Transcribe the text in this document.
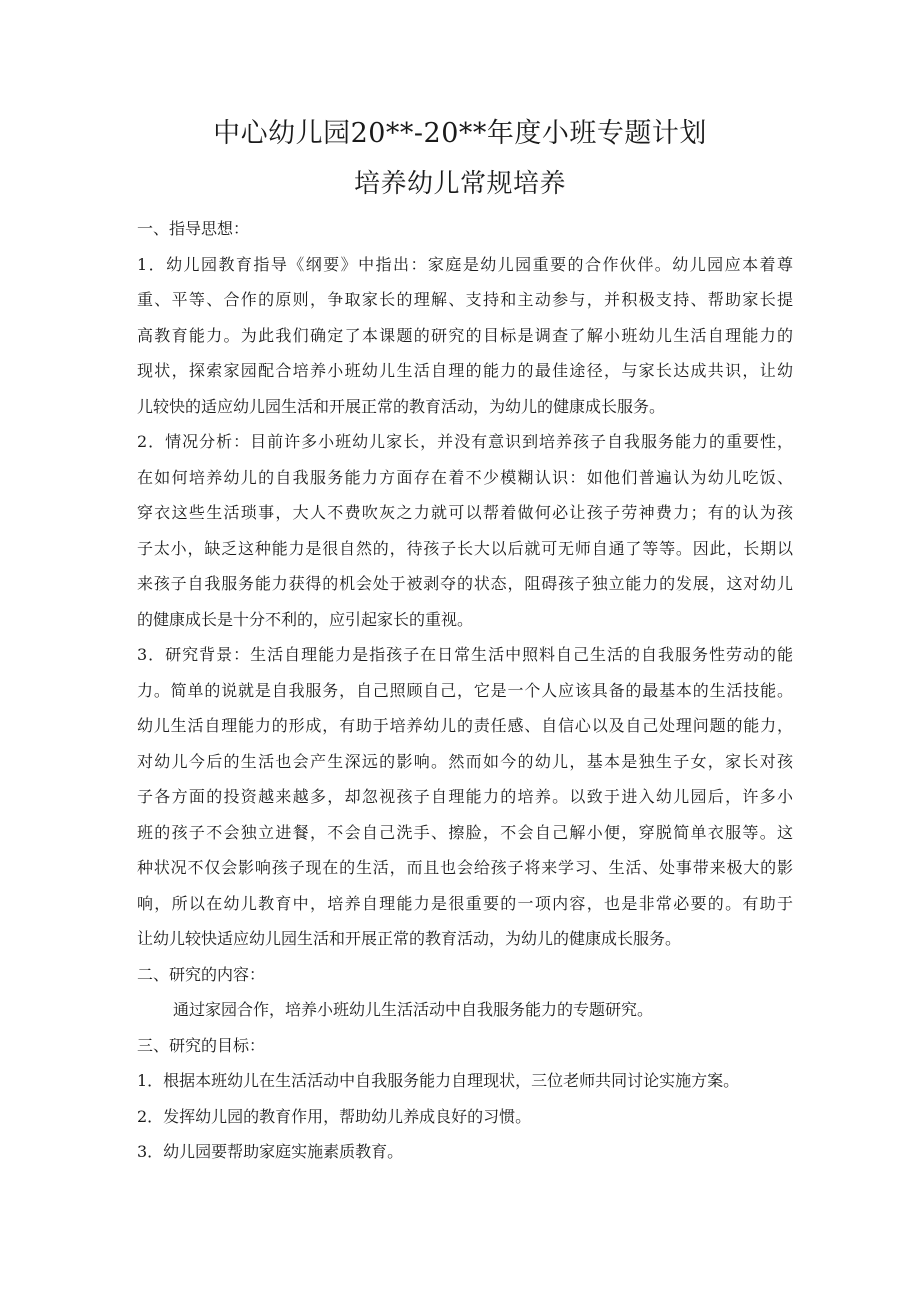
中心幼儿园20**-20**年度小班专题计划
培养幼儿常规培养

一、指导思想：

1．幼儿园教育指导《纲要》中指出：家庭是幼儿园重要的合作伙伴。幼儿园应本着尊

重、平等、合作的原则，争取家长的理解、支持和主动参与，并积极支持、帮助家长提

高教育能力。为此我们确定了本课题的研究的目标是调查了解小班幼儿生活自理能力的

现状，探索家园配合培养小班幼儿生活自理的能力的最佳途径，与家长达成共识，让幼

儿较快的适应幼儿园生活和开展正常的教育活动，为幼儿的健康成长服务。

2．情况分析：目前许多小班幼儿家长，并没有意识到培养孩子自我服务能力的重要性，

在如何培养幼儿的自我服务能力方面存在着不少模糊认识：如他们普遍认为幼儿吃饭、

穿衣这些生活琐事，大人不费吹灰之力就可以帮着做何必让孩子劳神费力；有的认为孩

子太小，缺乏这种能力是很自然的，待孩子长大以后就可无师自通了等等。因此，长期以

来孩子自我服务能力获得的机会处于被剥夺的状态，阻碍孩子独立能力的发展，这对幼儿

的健康成长是十分不利的，应引起家长的重视。

3．研究背景：生活自理能力是指孩子在日常生活中照料自己生活的自我服务性劳动的能

力。简单的说就是自我服务，自己照顾自己，它是一个人应该具备的最基本的生活技能。

幼儿生活自理能力的形成，有助于培养幼儿的责任感、自信心以及自己处理问题的能力，

对幼儿今后的生活也会产生深远的影响。然而如今的幼儿，基本是独生子女，家长对孩

子各方面的投资越来越多，却忽视孩子自理能力的培养。以致于进入幼儿园后，许多小

班的孩子不会独立进餐，不会自己洗手、擦脸，不会自己解小便，穿脱简单衣服等。这

种状况不仅会影响孩子现在的生活，而且也会给孩子将来学习、生活、处事带来极大的影

响，所以在幼儿教育中，培养自理能力是很重要的一项内容，也是非常必要的。有助于

让幼儿较快适应幼儿园生活和开展正常的教育活动，为幼儿的健康成长服务。

二、研究的内容：

通过家园合作，培养小班幼儿生活活动中自我服务能力的专题研究。

三、研究的目标：

1．根据本班幼儿在生活活动中自我服务能力自理现状，三位老师共同讨论实施方案。

2．发挥幼儿园的教育作用，帮助幼儿养成良好的习惯。

3．幼儿园要帮助家庭实施素质教育。
